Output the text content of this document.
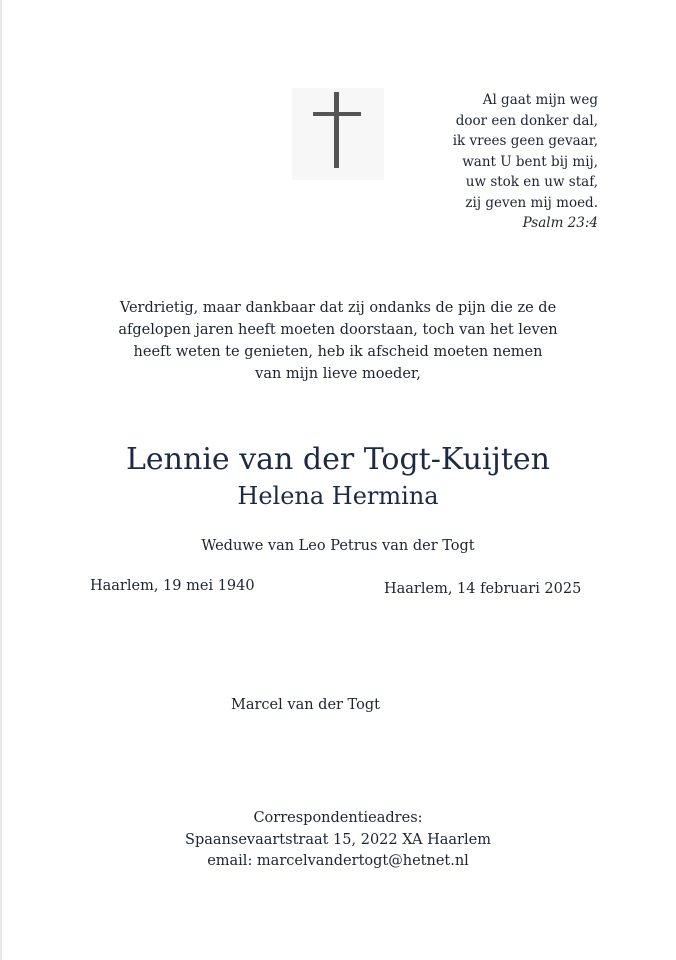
Al gaat mijn weg
door een donker dal,
ik vrees geen gevaar,
want U bent bij mij,
uw stok en uw staf,
zij geven mij moed.
Psalm 23:4
Verdrietig, maar dankbaar dat zij ondanks de pijn die ze de
afgelopen jaren heeft moeten doorstaan, toch van het leven
heeft weten te genieten, heb ik afscheid moeten nemen
van mijn lieve moeder,
Lennie van der Togt-Kuijten
Helena Hermina
Weduwe van Leo Petrus van der Togt
Haarlem, 19 mei 1940	Haarlem, 14 februari 2025
Marcel van der Togt
Correspondentieadres:
Spaansevaartstraat 15, 2022 XA Haarlem
email: marcelvandertogt@hetnet.nl
